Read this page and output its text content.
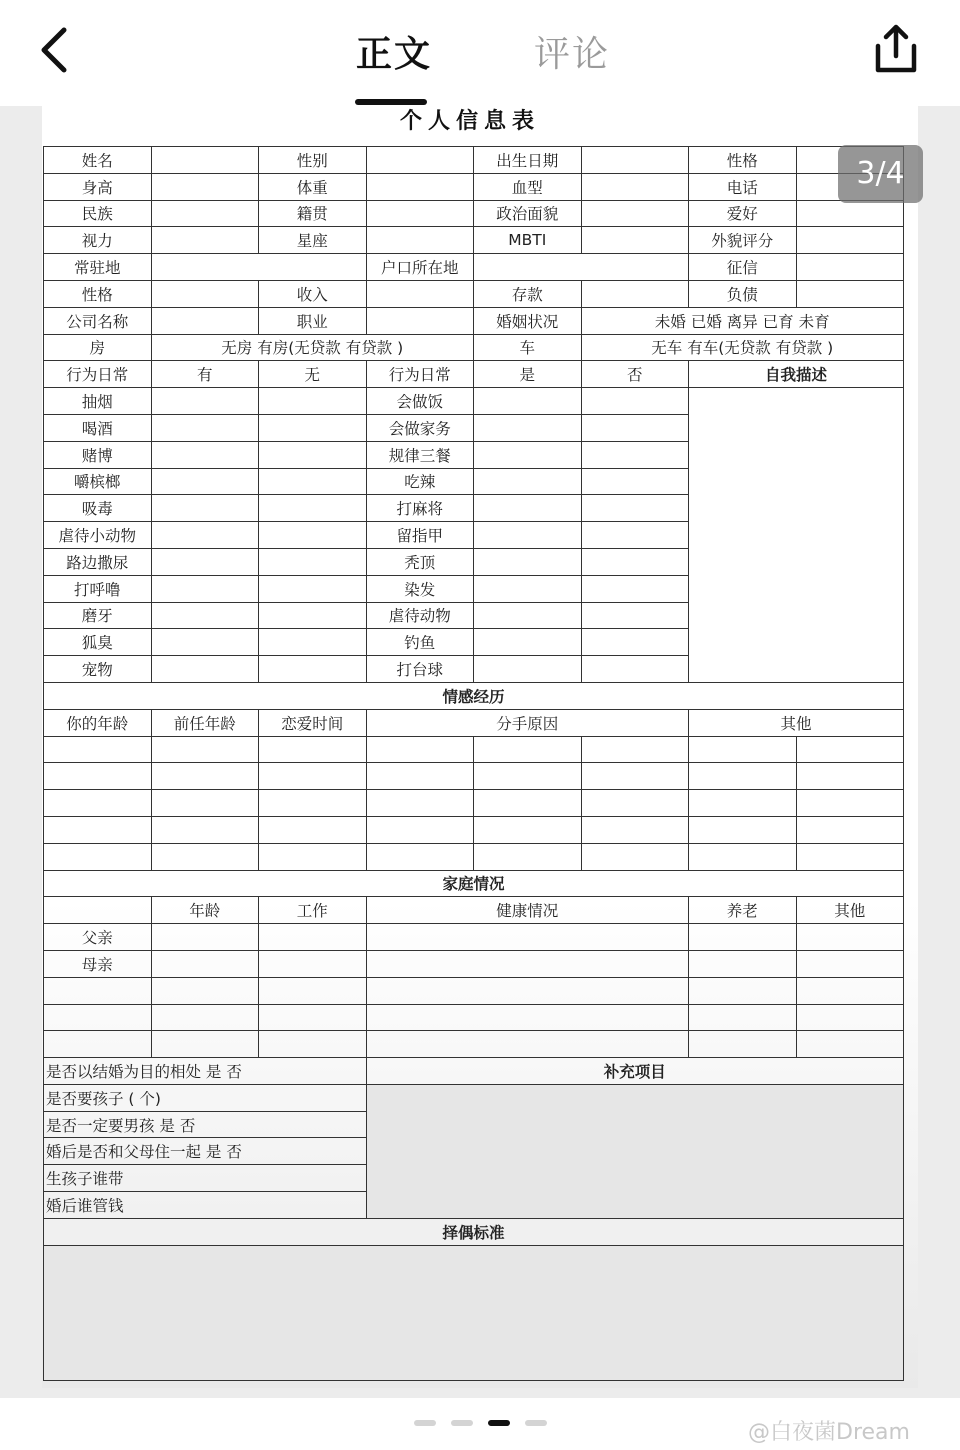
正文	评论
个人信息表
姓名		性别		出生日期		性格	
身高		体重		血型		电话	
民族		籍贯		政治面貌		爱好	
视力		星座		MBTI		外貌评分	
常驻地			户口所在地			征信	
性格		收入		存款		负债	
公司名称		职业		婚姻状况	未婚 已婚 离异 已育 未育		
房	无房 有房(无贷款 有贷款 )			车	无车 有车(无贷款 有贷款 )		
行为日常	有	无	行为日常	是	否	自我描述	
抽烟			会做饭				
喝酒			会做家务				
赌博			规律三餐				
嚼槟榔			吃辣				
吸毒			打麻将				
虐待小动物			留指甲				
路边撒尿			秃顶				
打呼噜			染发				
磨牙			虐待动物				
狐臭			钓鱼				
宠物			打台球				
情感经历							
你的年龄	前任年龄	恋爱时间	分手原因			其他	

家庭情况							
	年龄	工作	健康情况			养老	其他
父亲							
母亲							

是否以结婚为目的相处 是 否			补充项目				
是否要孩子 ( 个)							
是否一定要男孩 是 否							
婚后是否和父母住一起 是 否							
生孩子谁带							
婚后谁管钱							
择偶标准							

3/4
@白夜菌Dream
